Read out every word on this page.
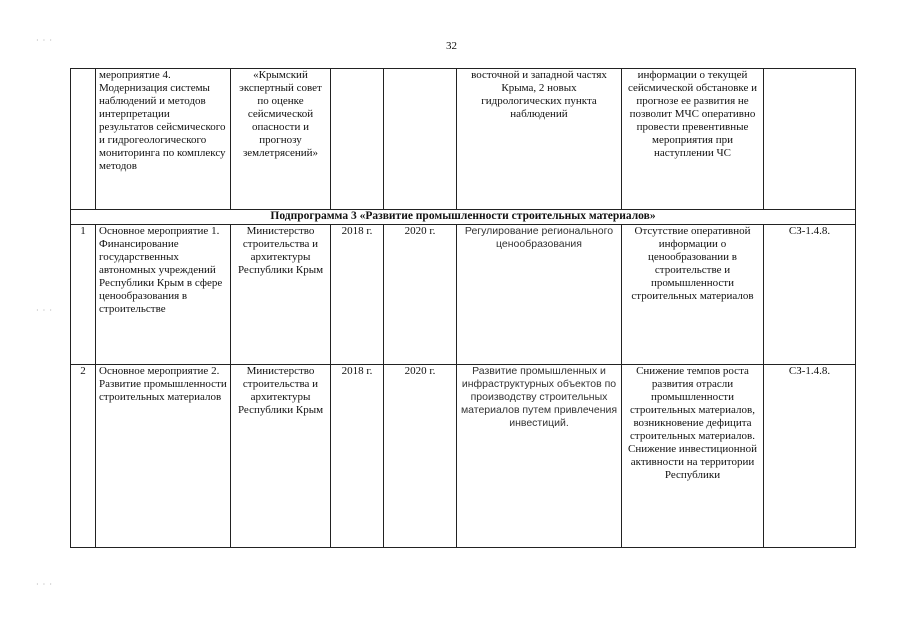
32
· · ·
· · ·
· · ·
	мероприятие 4. Модернизация системы наблюдений и методов интерпретации результатов сейсмического и гидрогеологического мониторинга по комплексу методов	«Крымский экспертный совет по оценке сейсмической опасности и прогнозу землетрясений»			восточной и западной частях Крыма, 2 новых гидрологических пункта наблюдений	информации о текущей сейсмической обстановке и прогнозе ее развития не позволит МЧС оперативно провести превентивные мероприятия при наступлении ЧС	
Подпрограмма 3 «Развитие промышленности строительных материалов»							
1	Основное мероприятие 1. Финансирование государственных автономных учреждений Республики Крым в сфере ценообразования в строительстве	Министерство строительства и архитектуры Республики Крым	2018 г.	2020 г.	Регулирование регионального ценообразования	Отсутствие оперативной информации о ценообразовании в строительстве и промышленности строительных материалов	СЗ-1.4.8.
2	Основное мероприятие 2. Развитие промышленности строительных материалов	Министерство строительства и архитектуры Республики Крым	2018 г.	2020 г.	Развитие промышленных и инфраструктурных объектов по производству строительных материалов путем привлечения инвестиций.	Снижение темпов роста развития отрасли промышленности строительных материалов, возникновение дефицита строительных материалов. Снижение инвестиционной активности на территории Республики	СЗ-1.4.8.
